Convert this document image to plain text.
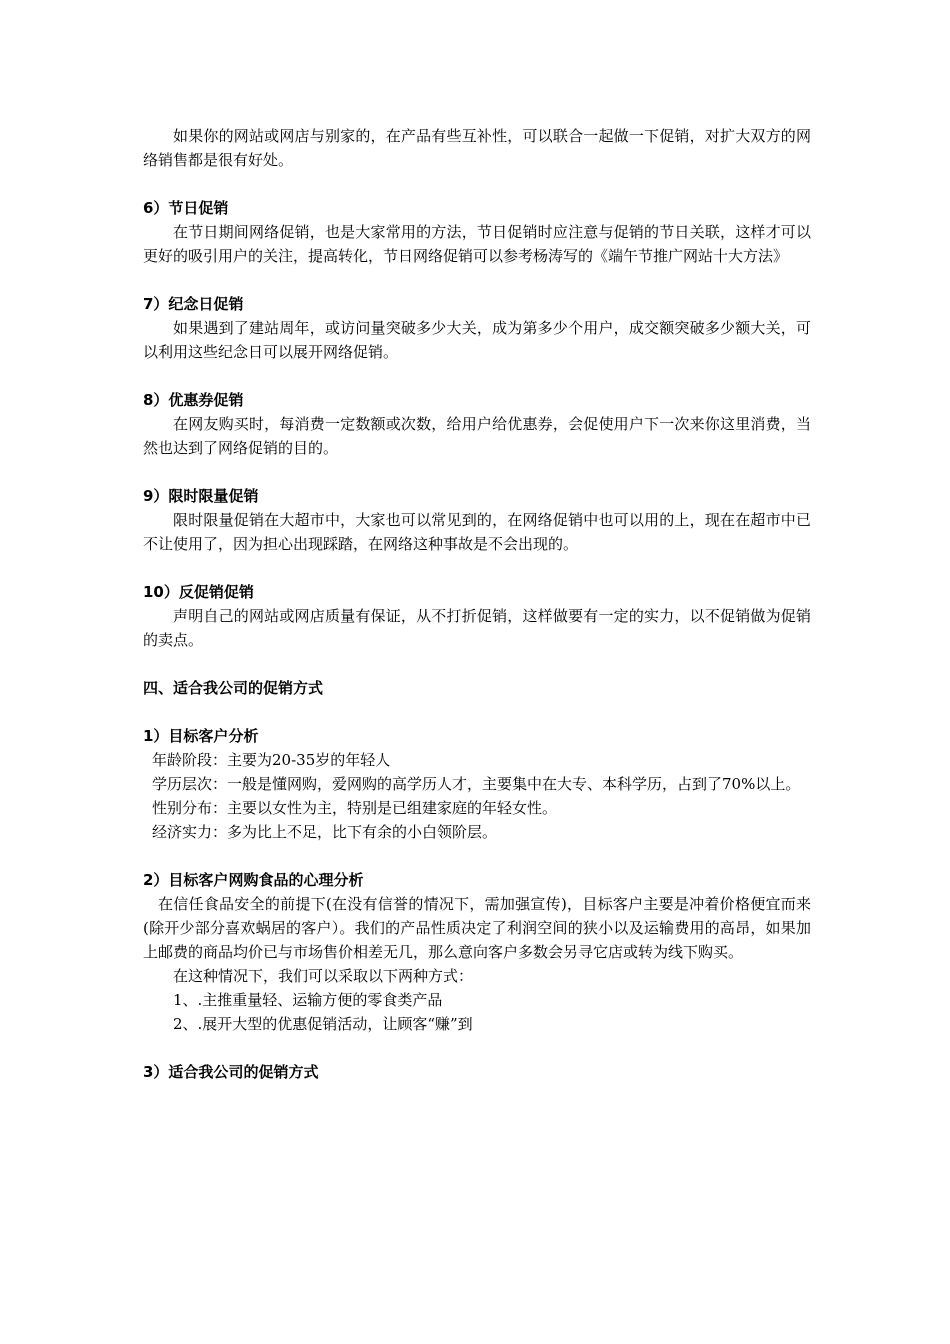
如果你的网站或网店与别家的，在产品有些互补性，可以联合一起做一下促销，对扩大双方的网络销售都是很有好处。

6）节日促销

在节日期间网络促销，也是大家常用的方法，节日促销时应注意与促销的节日关联，这样才可以更好的吸引用户的关注，提高转化，节日网络促销可以参考杨涛写的《端午节推广网站十大方法》

7）纪念日促销

如果遇到了建站周年，或访问量突破多少大关，成为第多少个用户，成交额突破多少额大关，可以利用这些纪念日可以展开网络促销。

8）优惠券促销

在网友购买时，每消费一定数额或次数，给用户给优惠券，会促使用户下一次来你这里消费，当然也达到了网络促销的目的。

9）限时限量促销

限时限量促销在大超市中，大家也可以常见到的，在网络促销中也可以用的上，现在在超市中已不让使用了，因为担心出现踩踏，在网络这种事故是不会出现的。

10）反促销促销

声明自己的网站或网店质量有保证，从不打折促销，这样做要有一定的实力，以不促销做为促销的卖点。

四、适合我公司的促销方式

1）目标客户分析

年龄阶段：主要为20-35岁的年轻人

学历层次：一般是懂网购，爱网购的高学历人才，主要集中在大专、本科学历，占到了70%以上。

性别分布：主要以女性为主，特别是已组建家庭的年轻女性。

经济实力：多为比上不足，比下有余的小白领阶层。

2）目标客户网购食品的心理分析

在信任食品安全的前提下(在没有信誉的情况下，需加强宣传)，目标客户主要是冲着价格便宜而来(除开少部分喜欢蜗居的客户）。我们的产品性质决定了利润空间的狭小以及运输费用的高昂，如果加上邮费的商品均价已与市场售价相差无几，那么意向客户多数会另寻它店或转为线下购买。

在这种情况下，我们可以采取以下两种方式：

1、.主推重量轻、运输方便的零食类产品

2、.展开大型的优惠促销活动，让顾客“赚”到

3）适合我公司的促销方式
